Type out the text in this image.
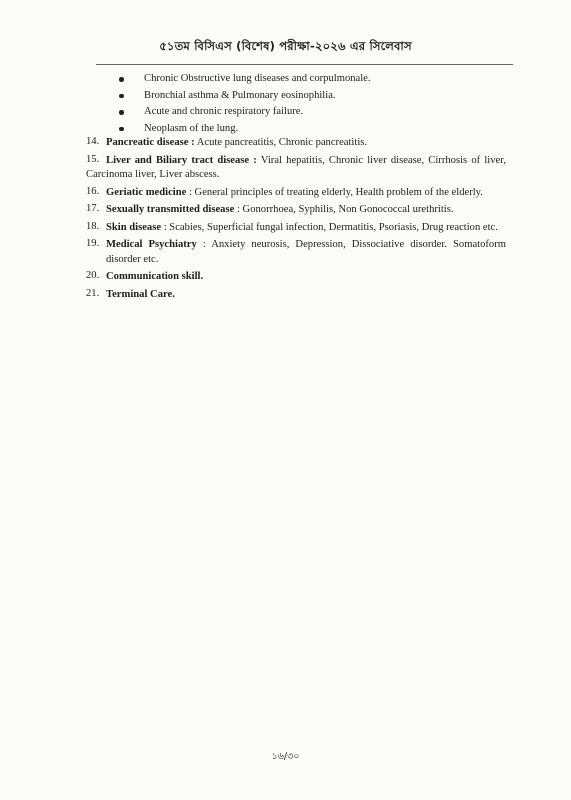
৫১তম বিসিএস (বিশেষ) পরীক্ষা-২০২৬ এর সিলেবাস
Chronic Obstructive lung diseases and corpulmonale.
Bronchial asthma & Pulmonary eosinophilia.
Acute and chronic respiratory failure.
Neoplasm of the lung.
14. Pancreatic disease : Acute pancreatitis, Chronic pancreatitis.
15. Liver and Biliary tract disease : Viral hepatitis, Chronic liver disease, Cirrhosis of liver, Carcinoma liver, Liver abscess.
16. Geriatic medicine : General principles of treating elderly, Health problem of the elderly.
17. Sexually transmitted disease : Gonorrhoea, Syphilis, Non Gonococcal urethritis.
18. Skin disease : Scabies, Superficial fungal infection, Dermatitis, Psoriasis, Drug reaction etc.
19. Medical Psychiatry : Anxiety neurosis, Depression, Dissociative disorder. Somatoform disorder etc.
20. Communication skill.
21. Terminal Care.
১৬/৩০
